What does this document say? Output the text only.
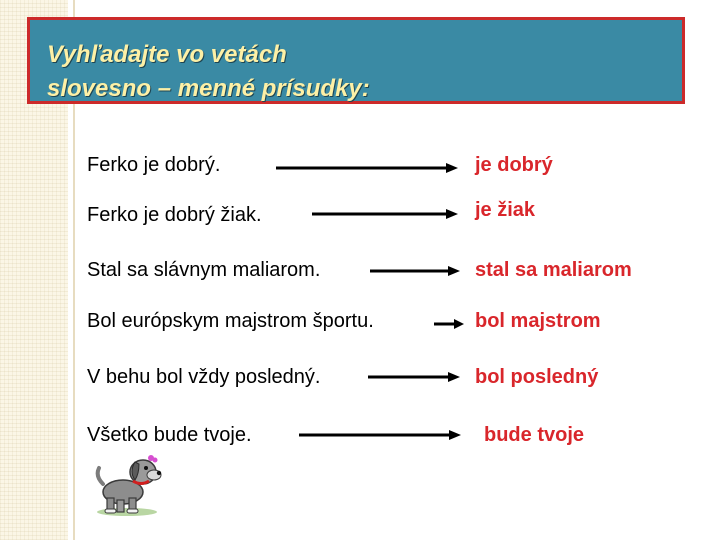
Vyhľadajte vo vetách
slovesno – menné prísudky:
Ferko je dobrý.	je dobrý
Ferko je dobrý žiak.	je žiak
Stal sa slávnym maliarom.	stal sa maliarom
Bol európskym majstrom športu.	bol majstrom
V behu bol vždy posledný.	bol posledný
Všetko bude tvoje.	bude tvoje
